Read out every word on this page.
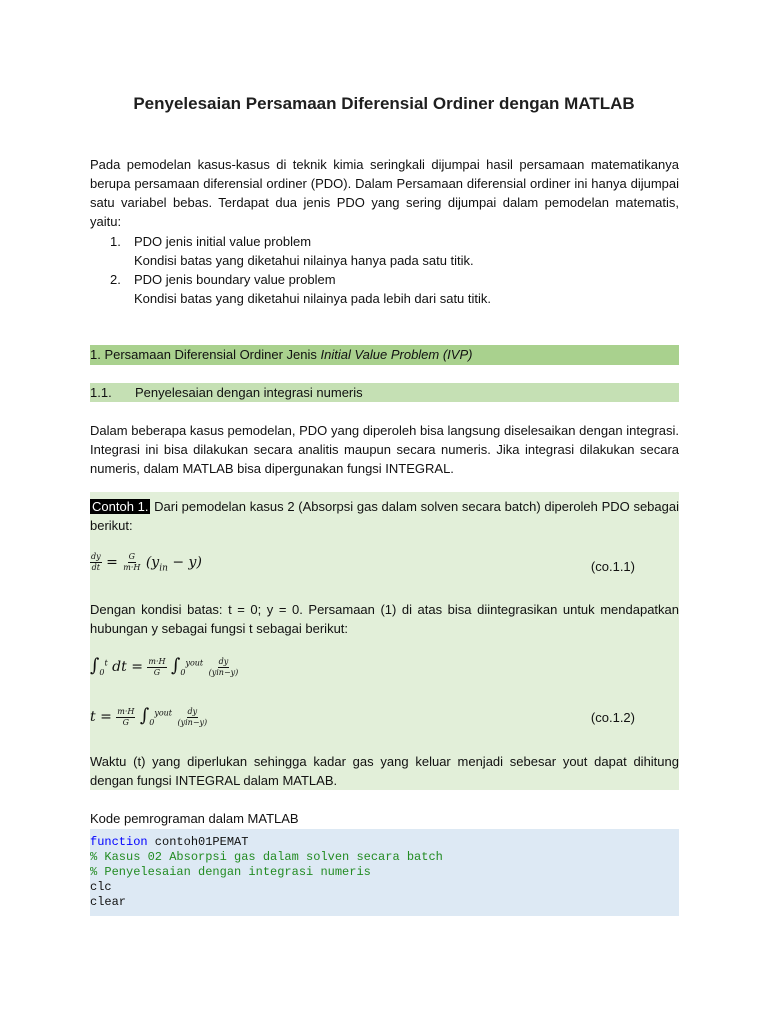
Penyelesaian Persamaan Diferensial Ordiner dengan MATLAB
Pada pemodelan kasus-kasus di teknik kimia seringkali dijumpai hasil persamaan matematikanya berupa persamaan diferensial ordiner (PDO). Dalam Persamaan diferensial ordiner ini hanya dijumpai satu variabel bebas. Terdapat dua jenis PDO yang sering dijumpai dalam pemodelan matematis, yaitu:
1.	PDO jenis initial value problem
Kondisi batas yang diketahui nilainya hanya pada satu titik.
2.	PDO jenis boundary value problem
Kondisi batas yang diketahui nilainya pada lebih dari satu titik.
1. Persamaan Diferensial Ordiner Jenis Initial Value Problem (IVP)
1.1. Penyelesaian dengan integrasi numeris
Dalam beberapa kasus pemodelan, PDO yang diperoleh bisa langsung diselesaikan dengan integrasi. Integrasi ini bisa dilakukan secara analitis maupun secara numeris. Jika integrasi dilakukan secara numeris, dalam MATLAB bisa dipergunakan fungsi INTEGRAL.
Contoh 1. Dari pemodelan kasus 2 (Absorpsi gas dalam solven secara batch) diperoleh PDO sebagai berikut:
$\frac{dy}{dt} = \frac{G}{m\cdot H} (y_{in} - y)$	(co.1.1)
Dengan kondisi batas: t = 0; y = 0. Persamaan (1) di atas bisa diintegrasikan untuk mendapatkan hubungan y sebagai fungsi t sebagai berikut:
$\int_0^t$ dt = $\frac{m\cdot H}{G} \int_0^{yout} \frac{dy}{\text{(yin−y)}}$
$t = \frac{m\cdot H}{G} \int_0^{yout} \frac{dy}{\text{(yin−y)}}$	(co.1.2)
Waktu (t) yang diperlukan sehingga kadar gas yang keluar menjadi sebesar yout dapat dihitung dengan fungsi INTEGRAL dalam MATLAB.
Kode pemrograman dalam MATLAB
function contoh01PEMAT
% Kasus 02 Absorpsi gas dalam solven secara batch
% Penyelesaian dengan integrasi numeris
clc
clear
